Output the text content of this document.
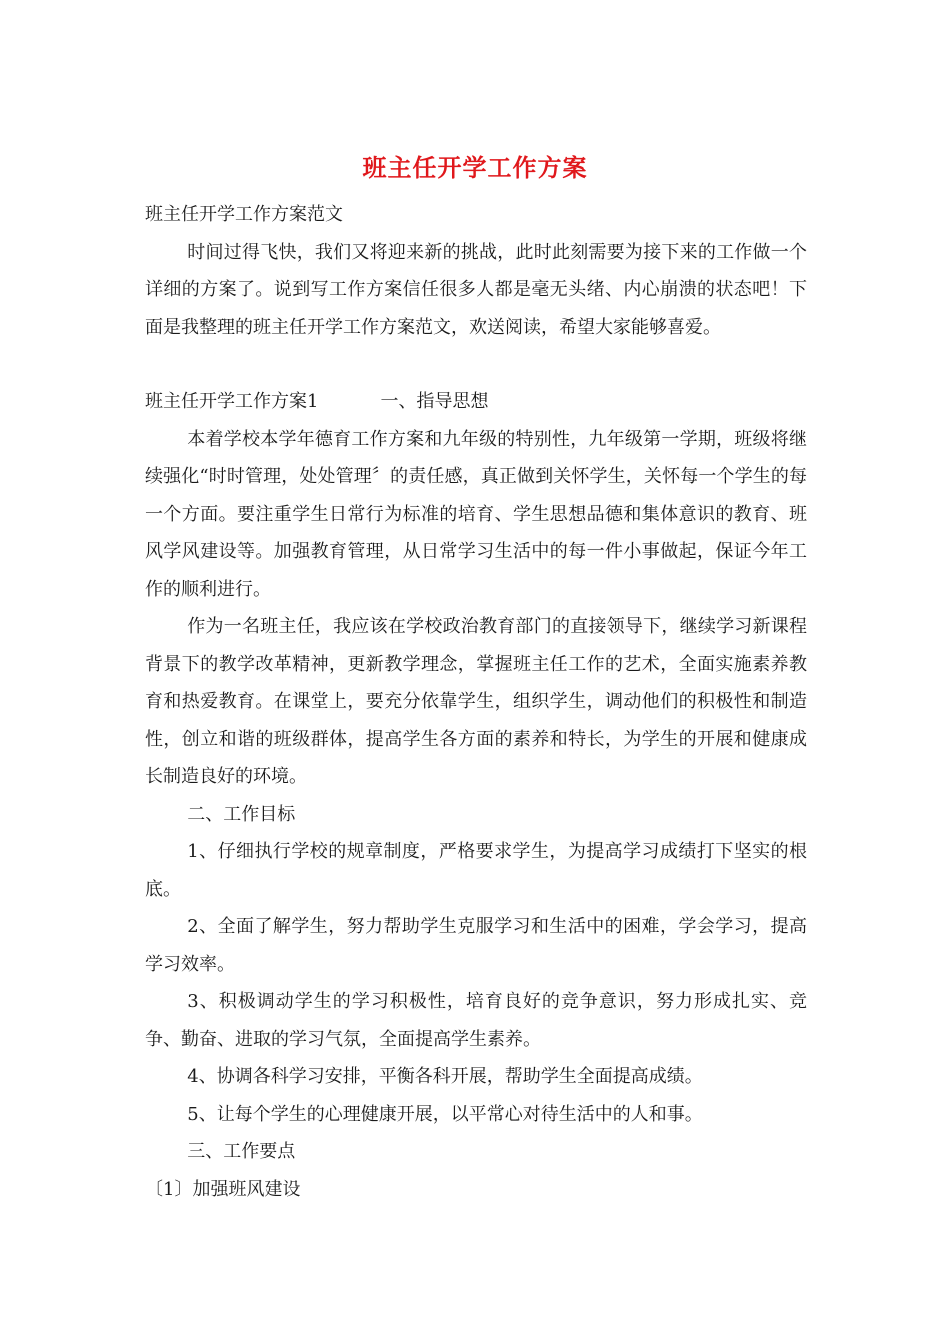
班主任开学工作方案

班主任开学工作方案范文

时间过得飞快，我们又将迎来新的挑战，此时此刻需要为接下来的工作做一个详细的方案了。说到写工作方案信任很多人都是毫无头绪、内心崩溃的状态吧！下面是我整理的班主任开学工作方案范文，欢送阅读，希望大家能够喜爱。

班主任开学工作方案1	一、指导思想

本着学校本学年德育工作方案和九年级的特别性，九年级第一学期，班级将继续强化“时时管理，处处管理〞的责任感，真正做到关怀学生，关怀每一个学生的每一个方面。要注重学生日常行为标准的培育、学生思想品德和集体意识的教育、班风学风建设等。加强教育管理，从日常学习生活中的每一件小事做起，保证今年工作的顺利进行。

作为一名班主任，我应该在学校政治教育部门的直接领导下，继续学习新课程背景下的教学改革精神，更新教学理念，掌握班主任工作的艺术，全面实施素养教育和热爱教育。在课堂上，要充分依靠学生，组织学生，调动他们的积极性和制造性，创立和谐的班级群体，提高学生各方面的素养和特长，为学生的开展和健康成长制造良好的环境。

二、工作目标

1、仔细执行学校的规章制度，严格要求学生，为提高学习成绩打下坚实的根底。

2、全面了解学生，努力帮助学生克服学习和生活中的困难，学会学习，提高学习效率。

3、积极调动学生的学习积极性，培育良好的竞争意识，努力形成扎实、竞争、勤奋、进取的学习气氛，全面提高学生素养。

4、协调各科学习安排，平衡各科开展，帮助学生全面提高成绩。

5、让每个学生的心理健康开展，以平常心对待生活中的人和事。

三、工作要点

〔1〕加强班风建设
